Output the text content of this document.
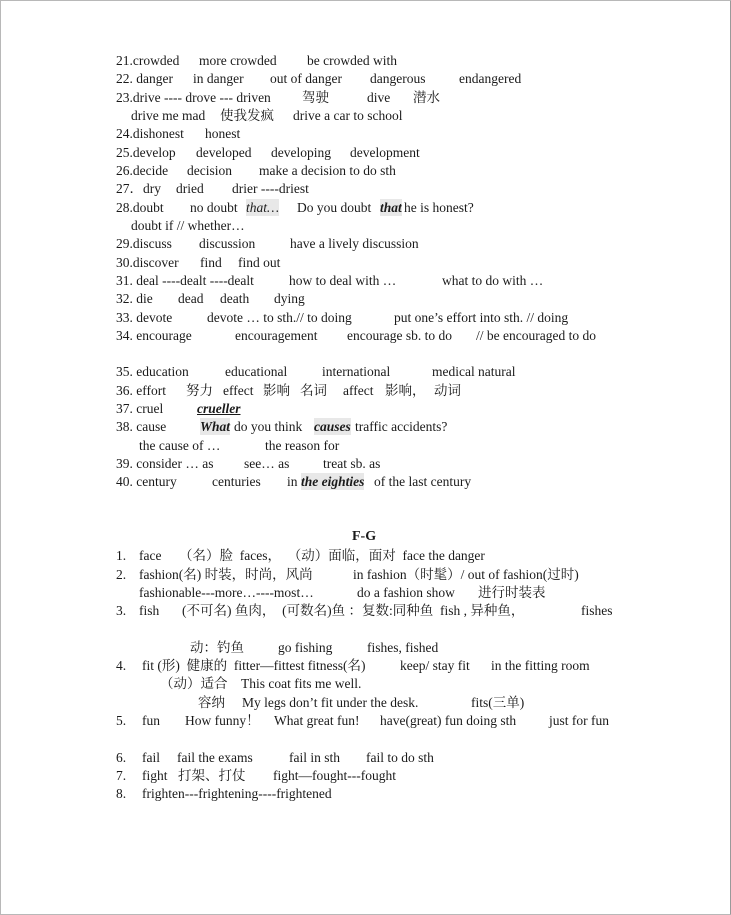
21.crowded more crowded be crowded with
22. danger in danger out of danger dangerous endangered
23.drive ---- drove --- driven 驾驶	dive 潜水
drive me mad 使我发疯 drive a car to school
24.dishonest honest
25.develop developed developing development
26.decide decision make a decision to do sth
27．dry dried drier ----driest
28.doubt no doubt that… Do you doubt that he is honest?
doubt if // whether…
29.discuss discussion	have a lively discussion
30.discover find find out
31. deal ----dealt ----dealt	how to deal with …	what to do with …
32. die dead death dying
33. devote	devote … to sth.// to doing	put one’s effort into sth. // doing
34. encourage	encouragement encourage sb. to do // be encouraged to do
35. education	educational	international	medical natural
36. effort 努力 effect 影响 名词 affect 影响， 动词
37. cruel	crueller
38. cause	What do you think causes traffic accidents?
the cause of …	the reason for
39. consider … as see… as treat sb. as
40. century	centuries in the eighties of the last century
F-G
1. face （名）脸  faces，  （动）面临，面对  face the danger
2. fashion(名) 时装，时尚，风尚	in fashion（时髦）/ out of fashion(过时)
fashionable---more…----most…	do a fashion show 进行时装表
3. fish (不可名) 鱼肉，  (可数名)鱼 ：复数:同种鱼  fish , 异种鱼，	fishes
动：钓鱼	go fishing	fishes, fished
4. fit (形)  健康的  fitter—fittest fitness(名)	keep/ stay fit in the fitting room
（动）适合 This coat fits me well.
容纳 My legs don’t fit under the desk.	fits(三单)
5. fun How funny！ What great fun! have(great) fun doing sth just for fun
6. fail fail the exams	fail in sth fail to do sth
7. fight 打架、打仗 fight—fought---fought
8. frighten---frightening----frightened
